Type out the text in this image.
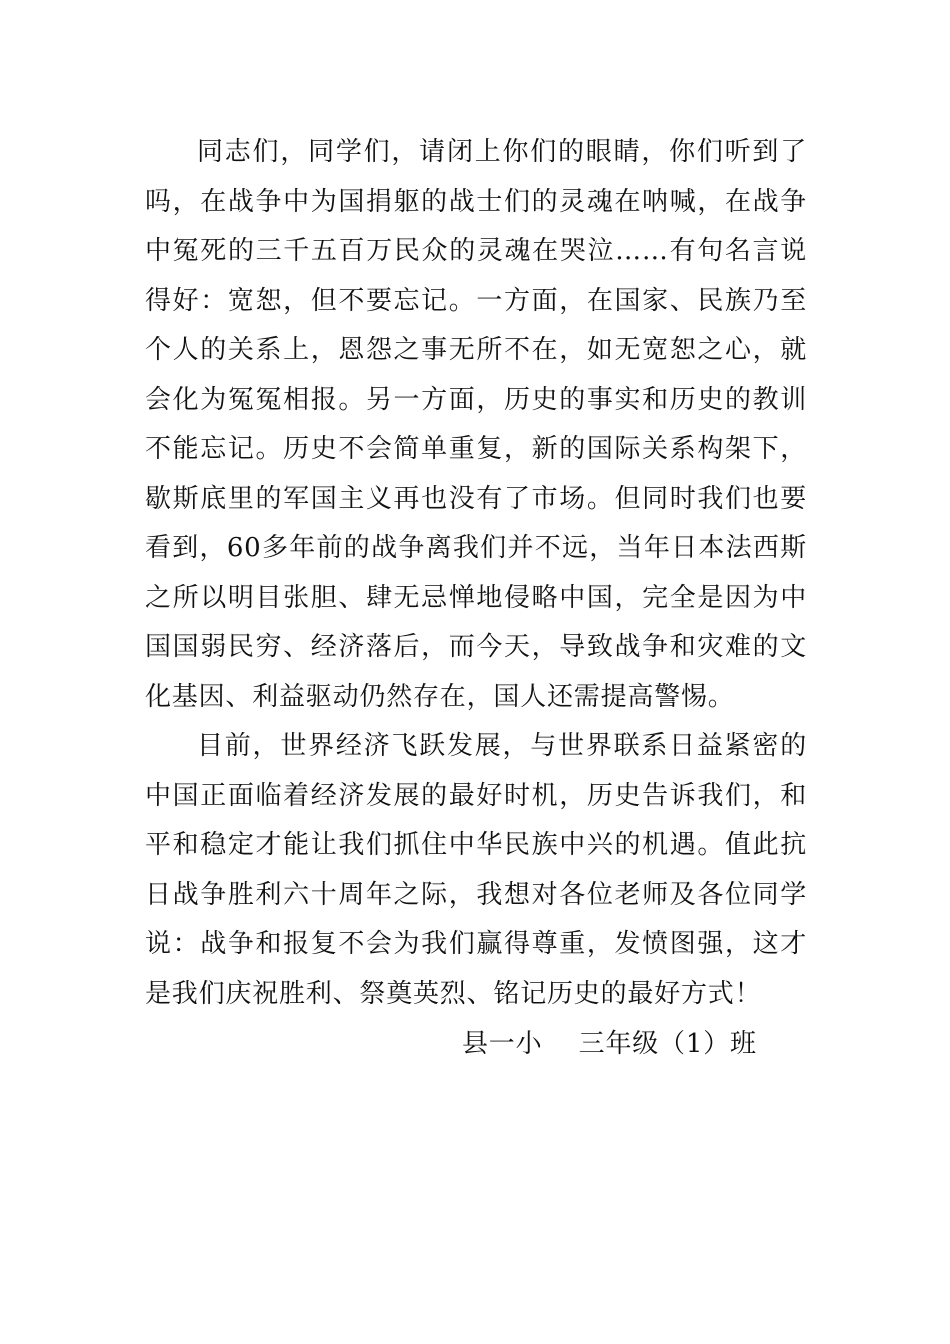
同志们，同学们，请闭上你们的眼睛，你们听到了吗，在战争中为国捐躯的战士们的灵魂在呐喊，在战争中冤死的三千五百万民众的灵魂在哭泣……有句名言说得好：宽恕，但不要忘记。一方面，在国家、民族乃至个人的关系上，恩怨之事无所不在，如无宽恕之心，就会化为冤冤相报。另一方面，历史的事实和历史的教训不能忘记。历史不会简单重复，新的国际关系构架下，歇斯底里的军国主义再也没有了市场。但同时我们也要看到，60多年前的战争离我们并不远，当年日本法西斯之所以明目张胆、肆无忌惮地侵略中国，完全是因为中国国弱民穷、经济落后，而今天，导致战争和灾难的文化基因、利益驱动仍然存在，国人还需提高警惕。

目前，世界经济飞跃发展，与世界联系日益紧密的中国正面临着经济发展的最好时机，历史告诉我们，和平和稳定才能让我们抓住中华民族中兴的机遇。值此抗日战争胜利六十周年之际，我想对各位老师及各位同学说：战争和报复不会为我们赢得尊重，发愤图强，这才是我们庆祝胜利、祭奠英烈、铭记历史的最好方式！

县一小    三年级（1）班
